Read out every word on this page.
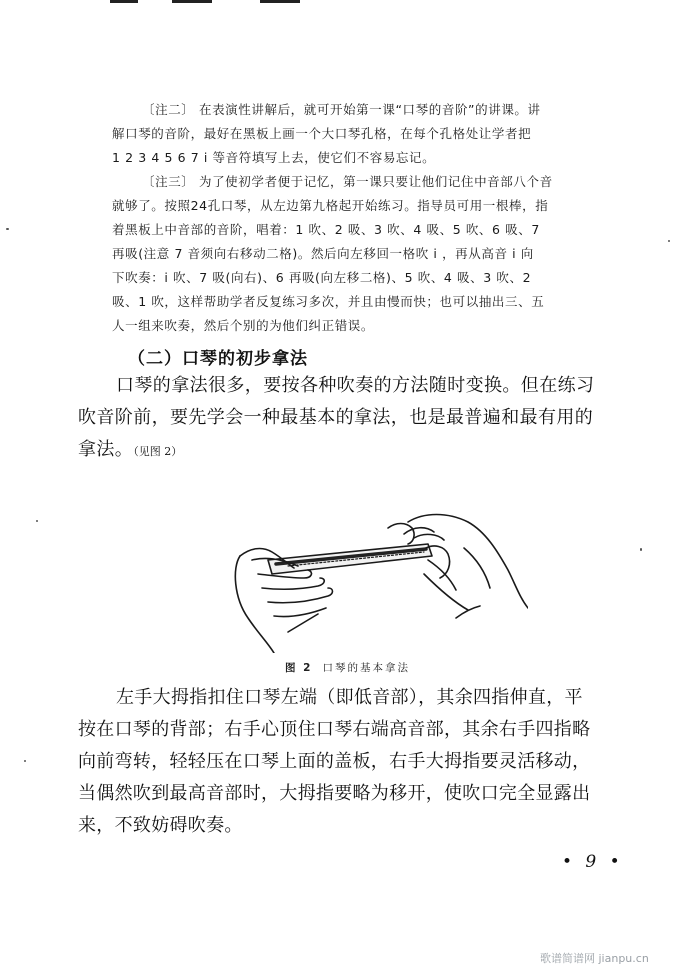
〔注二〕 在表演性讲解后，就可开始第一课“口琴的音阶”的讲课。讲
解口琴的音阶，最好在黑板上画一个大口琴孔格，在每个孔格处让学者把
1 2 3 4 5 6 7 i 等音符填写上去，使它们不容易忘记。

〔注三〕 为了使初学者便于记忆，第一课只要让他们记住中音部八个音
就够了。按照24孔口琴，从左边第九格起开始练习。指导员可用一根棒，指
着黑板上中音部的音阶，唱着：1 吹、2 吸、3 吹、4 吸、5 吹、6 吸、7
再吸(注意 7 音须向右移动二格)。然后向左移回一格吹 i ，再从高音 i 向
下吹奏：i 吹、7 吸(向右)、6 再吸(向左移二格)、5 吹、4 吸、3 吹、2
吸、1 吹，这样帮助学者反复练习多次，并且由慢而快；也可以抽出三、五
人一组来吹奏，然后个别的为他们纠正错误。

（二）口琴的初步拿法
口琴的拿法很多，要按各种吹奏的方法随时变换。但在练习
吹音阶前，要先学会一种最基本的拿法，也是最普遍和最有用的
拿法。（见图 2）
图 2 口琴的基本拿法
左手大拇指扣住口琴左端（即低音部），其余四指伸直，平
按在口琴的背部；右手心顶住口琴右端高音部，其余右手四指略
向前弯转，轻轻压在口琴上面的盖板，右手大拇指要灵活移动，
当偶然吹到最高音部时，大拇指要略为移开，使吹口完全显露出
来，不致妨碍吹奏。
• 9 •
歌谱简谱网 jianpu.cn
